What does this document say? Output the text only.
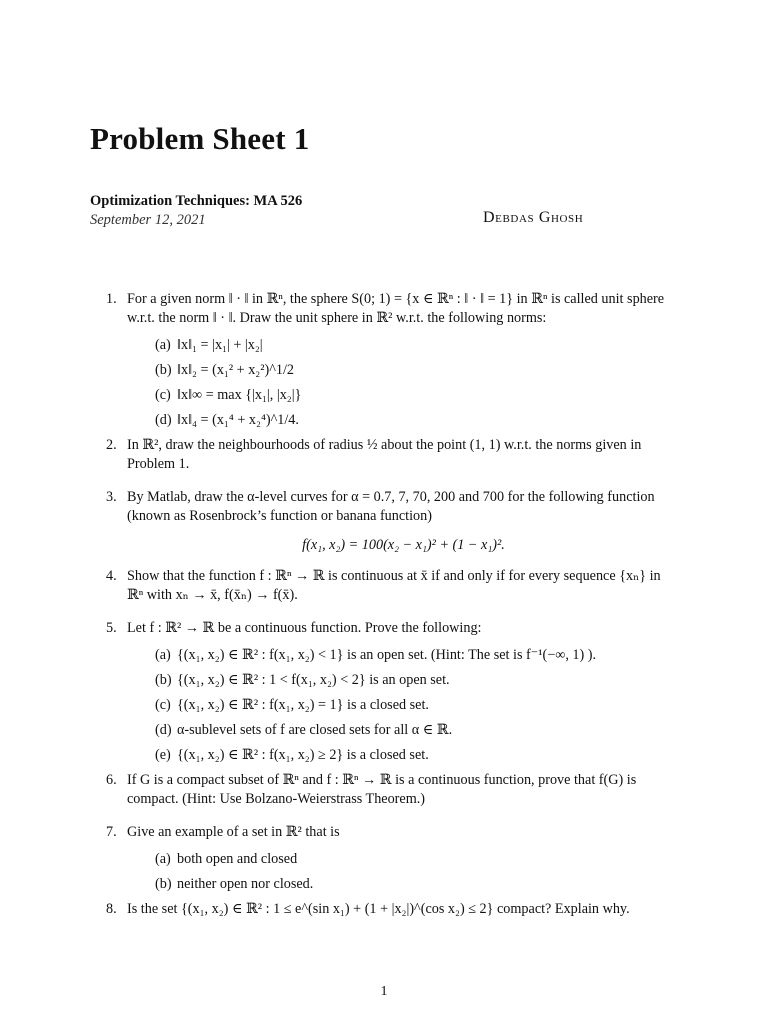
Problem Sheet 1
Optimization Techniques: MA 526
September 12, 2021	Debdas Ghosh
1. For a given norm ‖ · ‖ in ℝⁿ, the sphere S(0; 1) = {x ∈ ℝⁿ : ‖ · ‖ = 1} in ℝⁿ is called unit sphere w.r.t. the norm ‖ · ‖. Draw the unit sphere in ℝ² w.r.t. the following norms:
(a) ‖x‖₁ = |x₁| + |x₂|
(b) ‖x‖₂ = (x₁² + x₂²)^1/2
(c) ‖x‖∞ = max {|x₁|, |x₂|}
(d) ‖x‖₄ = (x₁⁴ + x₂⁴)^1/4.
2. In ℝ², draw the neighbourhoods of radius ½ about the point (1, 1) w.r.t. the norms given in Problem 1.
3. By Matlab, draw the α-level curves for α = 0.7, 7, 70, 200 and 700 for the following function (known as Rosenbrock’s function or banana function)
f(x₁, x₂) = 100(x₂ − x₁)² + (1 − x₁)².
4. Show that the function f : ℝⁿ → ℝ is continuous at x̄ if and only if for every sequence {xₙ} in ℝⁿ with xₙ → x̄, f(x̄ₙ) → f(x̄).
5. Let f : ℝ² → ℝ be a continuous function. Prove the following:
(a) {(x₁, x₂) ∈ ℝ² : f(x₁, x₂) < 1} is an open set. (Hint: The set is f⁻¹(−∞, 1) ).
(b) {(x₁, x₂) ∈ ℝ² : 1 < f(x₁, x₂) < 2} is an open set.
(c) {(x₁, x₂) ∈ ℝ² : f(x₁, x₂) = 1} is a closed set.
(d) α-sublevel sets of f are closed sets for all α ∈ ℝ.
(e) {(x₁, x₂) ∈ ℝ² : f(x₁, x₂) ≥ 2} is a closed set.
6. If G is a compact subset of ℝⁿ and f : ℝⁿ → ℝ is a continuous function, prove that f(G) is compact. (Hint: Use Bolzano-Weierstrass Theorem.)
7. Give an example of a set in ℝ² that is
(a) both open and closed
(b) neither open nor closed.
8. Is the set {(x₁, x₂) ∈ ℝ² : 1 ≤ e^(sin x₁) + (1 + |x₂|)^(cos x₂) ≤ 2} compact? Explain why.
1
